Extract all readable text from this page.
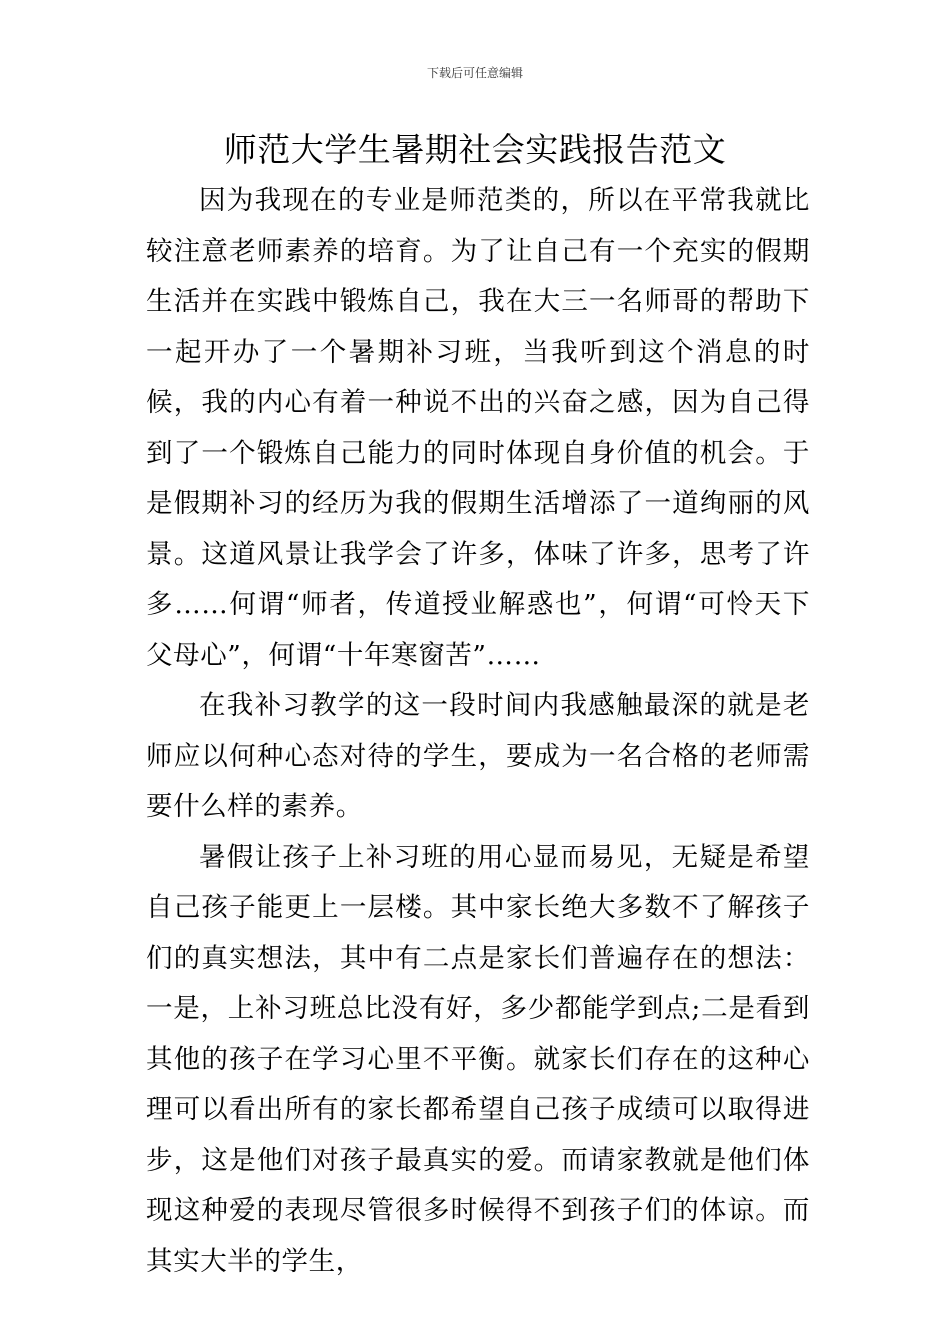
下载后可任意编辑
师范大学生暑期社会实践报告范文

因为我现在的专业是师范类的，所以在平常我就比较注意老师素养的培育。为了让自己有一个充实的假期生活并在实践中锻炼自己，我在大三一名师哥的帮助下一起开办了一个暑期补习班，当我听到这个消息的时候，我的内心有着一种说不出的兴奋之感，因为自己得到了一个锻炼自己能力的同时体现自身价值的机会。于是假期补习的经历为我的假期生活增添了一道绚丽的风景。这道风景让我学会了许多，体味了许多，思考了许多……何谓“师者，传道授业解惑也”，何谓“可怜天下父母心”，何谓“十年寒窗苦”……

在我补习教学的这一段时间内我感触最深的就是老师应以何种心态对待的学生，要成为一名合格的老师需要什么样的素养。

暑假让孩子上补习班的用心显而易见，无疑是希望自己孩子能更上一层楼。其中家长绝大多数不了解孩子们的真实想法，其中有二点是家长们普遍存在的想法：一是，上补习班总比没有好，多少都能学到点;二是看到其他的孩子在学习心里不平衡。就家长们存在的这种心理可以看出所有的家长都希望自己孩子成绩可以取得进步，这是他们对孩子最真实的爱。而请家教就是他们体现这种爱的表现尽管很多时候得不到孩子们的体谅。而其实大半的学生，
